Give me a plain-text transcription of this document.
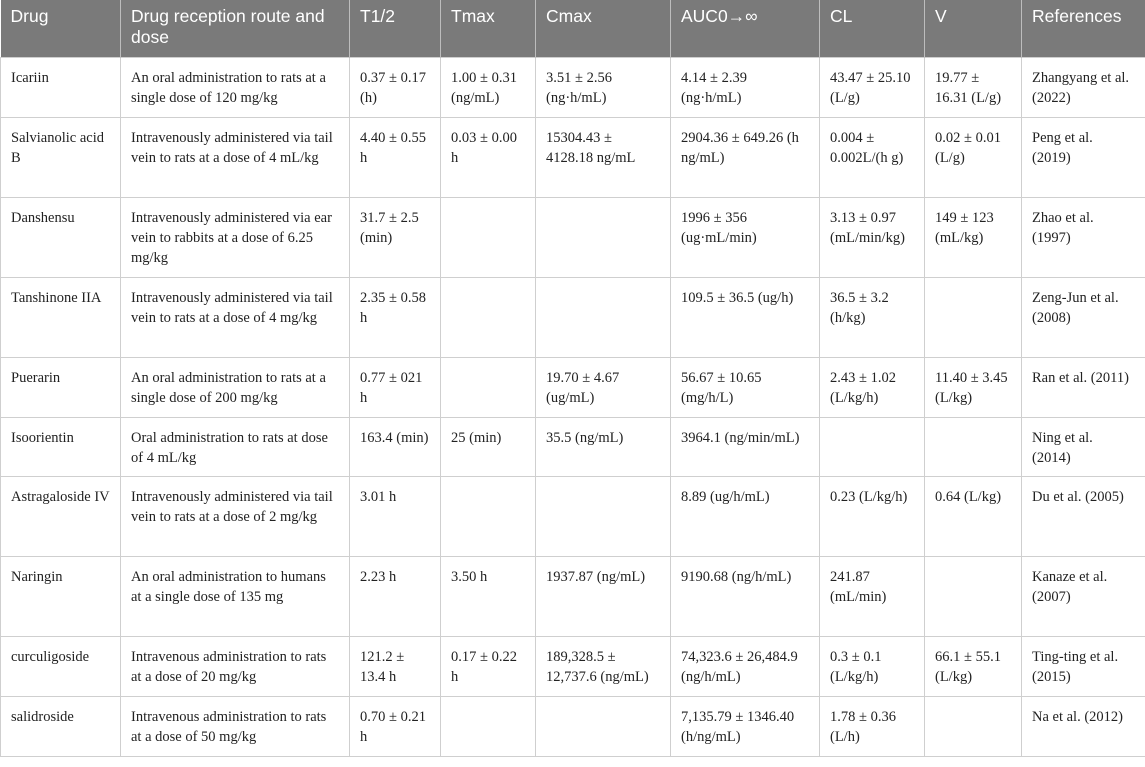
Drug	Drug reception route and dose	T1/2	Tmax	Cmax	AUC0→∞	CL	V	References
Icariin	An oral administration to rats at a single dose of 120 mg/kg	0.37 ± 0.17 (h)	1.00 ± 0.31 (ng/mL)	3.51 ± 2.56 (ng·h/mL)	4.14 ± 2.39 (ng·h/mL)	43.47 ± 25.10 (L/g)	19.77 ± 16.31 (L/g)	Zhangyang et al. (2022)
Salvianolic acid B	Intravenously administered via tail vein to rats at a dose of 4 mL/kg	4.40 ± 0.55 h	0.03 ± 0.00 h	15304.43 ± 4128.18 ng/mL	2904.36 ± 649.26 (h ng/mL)	0.004 ± 0.002L/(h g)	0.02 ± 0.01 (L/g)	Peng et al. (2019)
Danshensu	Intravenously administered via ear vein to rabbits at a dose of 6.25 mg/kg	31.7 ± 2.5 (min)			1996 ± 356 (ug·mL/min)	3.13 ± 0.97 (mL/min/kg)	149 ± 123 (mL/kg)	Zhao et al. (1997)
Tanshinone IIA	Intravenously administered via tail vein to rats at a dose of 4 mg/kg	2.35 ± 0.58 h			109.5 ± 36.5 (ug/h)	36.5 ± 3.2 (h/kg)		Zeng-Jun et al. (2008)
Puerarin	An oral administration to rats at a single dose of 200 mg/kg	0.77 ± 021 h		19.70 ± 4.67 (ug/mL)	56.67 ± 10.65 (mg/h/L)	2.43 ± 1.02 (L/kg/h)	11.40 ± 3.45 (L/kg)	Ran et al. (2011)
Isoorientin	Oral administration to rats at dose of 4 mL/kg	163.4 (min)	25 (min)	35.5 (ng/mL)	3964.1 (ng/min/mL)			Ning et al. (2014)
Astragaloside IV	Intravenously administered via tail vein to rats at a dose of 2 mg/kg	3.01 h			8.89 (ug/h/mL)	0.23 (L/kg/h)	0.64 (L/kg)	Du et al. (2005)
Naringin	An oral administration to humans at a single dose of 135 mg	2.23 h	3.50 h	1937.87 (ng/mL)	9190.68 (ng/h/mL)	241.87 (mL/min)		Kanaze et al. (2007)
curculigoside	Intravenous administration to rats at a dose of 20 mg/kg	121.2 ± 13.4 h	0.17 ± 0.22 h	189,328.5 ± 12,737.6 (ng/mL)	74,323.6 ± 26,484.9 (ng/h/mL)	0.3 ± 0.1 (L/kg/h)	66.1 ± 55.1 (L/kg)	Ting-ting et al. (2015)
salidroside	Intravenous administration to rats at a dose of 50 mg/kg	0.70 ± 0.21 h			7,135.79 ± 1346.40 (h/ng/mL)	1.78 ± 0.36 (L/h)		Na et al. (2012)
